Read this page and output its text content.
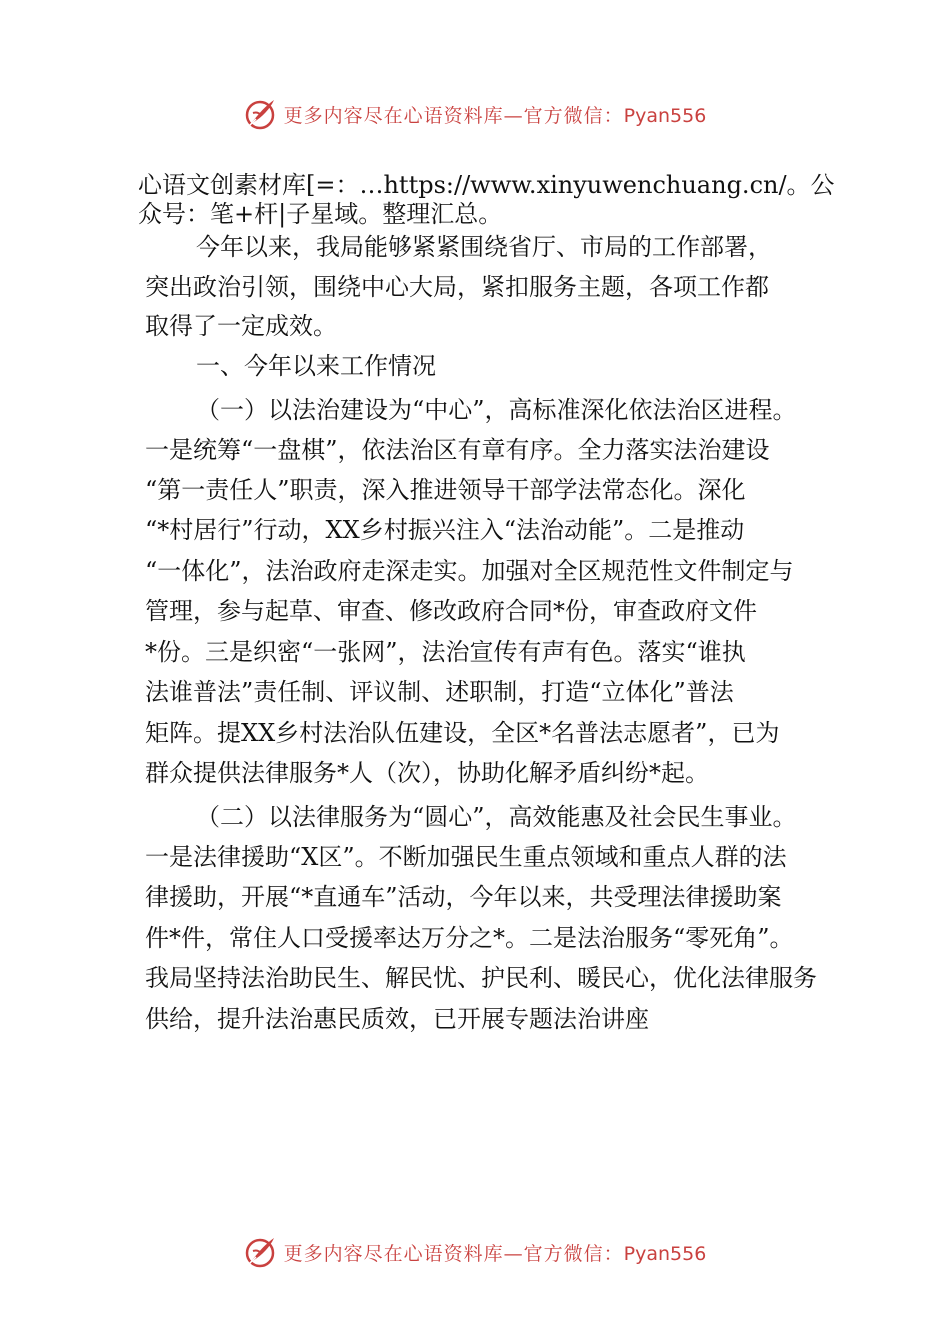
更多内容尽在心语资料库—官方微信：Pyan556
心语文创素材库[=：…https://www.xinyuwenchuang.cn/。公
众号：笔+杆|子星域。整理汇总。
今年以来，我局能够紧紧围绕省厅、市局的工作部署，
突出政治引领，围绕中心大局，紧扣服务主题，各项工作都
取得了一定成效。
一、今年以来工作情况
（一）以法治建设为“中心”，高标准深化依法治区进程。
一是统筹“一盘棋”，依法治区有章有序。全力落实法治建设
“第一责任人”职责，深入推进领导干部学法常态化。深化
“*村居行”行动，XX乡村振兴注入“法治动能”。二是推动
“一体化”，法治政府走深走实。加强对全区规范性文件制定与
管理，参与起草、审查、修改政府合同*份，审查政府文件
*份。三是织密“一张网”，法治宣传有声有色。落实“谁执
法谁普法”责任制、评议制、述职制，打造“立体化”普法
矩阵。提XX乡村法治队伍建设，全区*名普法志愿者”，已为
群众提供法律服务*人（次），协助化解矛盾纠纷*起。
（二）以法律服务为“圆心”，高效能惠及社会民生事业。
一是法律援助“X区”。不断加强民生重点领域和重点人群的法
律援助，开展“*直通车”活动，今年以来，共受理法律援助案
件*件，常住人口受援率达万分之*。二是法治服务“零死角”。
我局坚持法治助民生、解民忧、护民利、暖民心，优化法律服务
供给，提升法治惠民质效，已开展专题法治讲座
更多内容尽在心语资料库—官方微信：Pyan556
